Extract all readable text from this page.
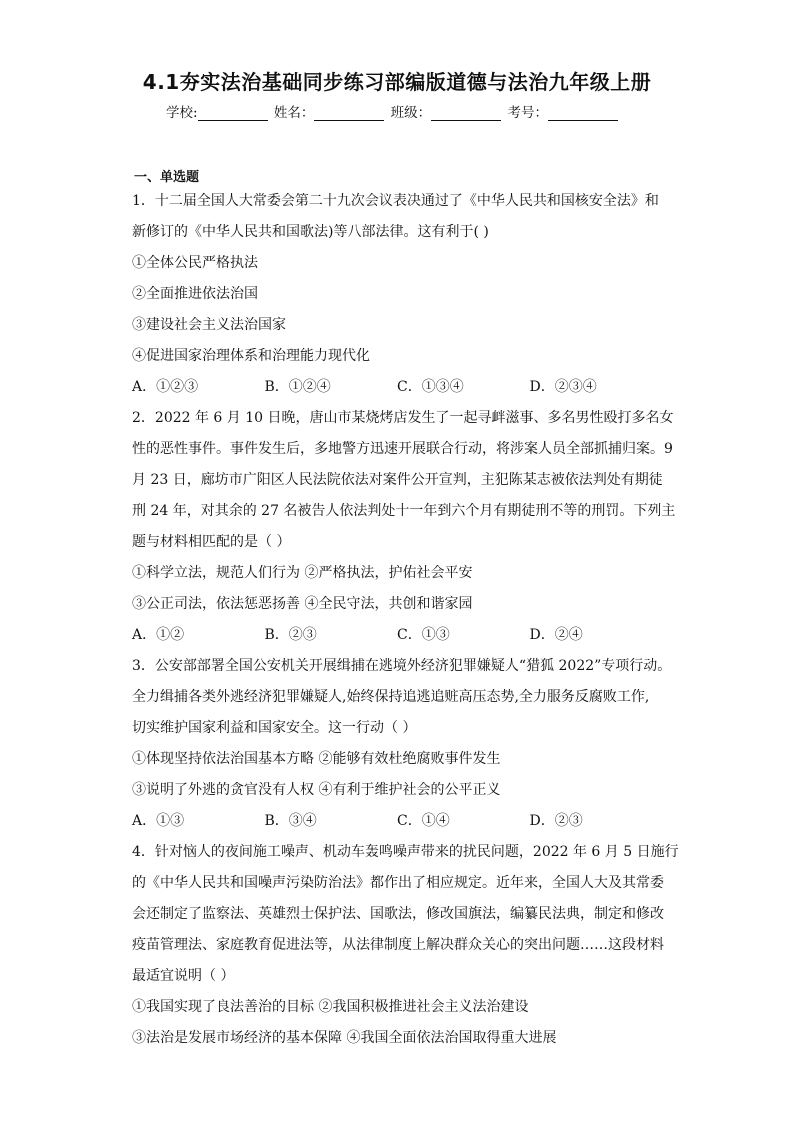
4.1夯实法治基础同步练习部编版道德与法治九年级上册
学校:	姓名：	班级：	考号：
一、单选题
1．十二届全国人大常委会第二十九次会议表决通过了《中华人民共和国核安全法》和
新修订的《中华人民共和国歌法)等八部法律。这有利于( )
①全体公民严格执法
②全面推进依法治国
③建设社会主义法治国家
④促进国家治理体系和治理能力现代化
A．①②③	B．①②④	C．①③④	D．②③④
2．2022 年 6 月 10 日晚，唐山市某烧烤店发生了一起寻衅滋事、多名男性殴打多名女
性的恶性事件。事件发生后，多地警方迅速开展联合行动，将涉案人员全部抓捕归案。9
月 23 日，廊坊市广阳区人民法院依法对案件公开宣判，主犯陈某志被依法判处有期徒
刑 24 年，对其余的 27 名被告人依法判处十一年到六个月有期徒刑不等的刑罚。下列主
题与材料相匹配的是（ ）
①科学立法，规范人们行为 ②严格执法，护佑社会平安
③公正司法，依法惩恶扬善 ④全民守法，共创和谐家园
A．①②	B．②③	C．①③	D．②④
3．公安部部署全国公安机关开展缉捕在逃境外经济犯罪嫌疑人“猎狐 2022”专项行动。
全力缉捕各类外逃经济犯罪嫌疑人,始终保持追逃追赃高压态势,全力服务反腐败工作,
切实维护国家利益和国家安全。这一行动（ ）
①体现坚持依法治国基本方略 ②能够有效杜绝腐败事件发生
③说明了外逃的贪官没有人权 ④有利于维护社会的公平正义
A．①③	B．③④	C．①④	D．②③
4．针对恼人的夜间施工噪声、机动车轰鸣噪声带来的扰民问题，2022 年 6 月 5 日施行
的《中华人民共和国噪声污染防治法》都作出了相应规定。近年来，全国人大及其常委
会还制定了监察法、英雄烈士保护法、国歌法，修改国旗法，编纂民法典，制定和修改
疫苗管理法、家庭教育促进法等，从法律制度上解决群众关心的突出问题……这段材料
最适宜说明（ ）
①我国实现了良法善治的目标 ②我国积极推进社会主义法治建设
③法治是发展市场经济的基本保障 ④我国全面依法治国取得重大进展
